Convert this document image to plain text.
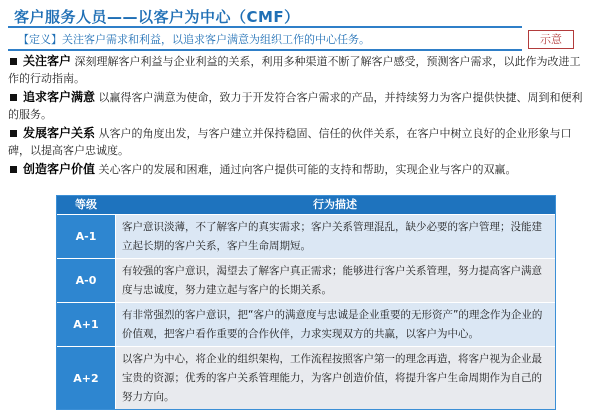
客户服务人员——以客户为中心（CMF）
【定义】关注客户需求和利益，以追求客户满意为组织工作的中心任务。	示意
关注客户 深刻理解客户利益与企业利益的关系，利用多种渠道不断了解客户感受，预测客户需求，以此作为改进工作的行动指南。
追求客户满意 以赢得客户满意为使命，致力于开发符合客户需求的产品，并持续努力为客户提供快捷、周到和便利的服务。
发展客户关系 从客户的角度出发，与客户建立并保持稳固、信任的伙伴关系，在客户中树立良好的企业形象与口碑，以提高客户忠诚度。
创造客户价值 关心客户的发展和困难，通过向客户提供可能的支持和帮助，实现企业与客户的双赢。
等级	行为描述
A-1
客户意识淡薄，不了解客户的真实需求；客户关系管理混乱，缺少必要的客户管理；没能建立起长期的客户关系，客户生命周期短。
A-0
有较强的客户意识，渴望去了解客户真正需求；能够进行客户关系管理，努力提高客户满意度与忠诚度，努力建立起与客户的长期关系。
A+1
有非常强烈的客户意识，把“客户的满意度与忠诚是企业重要的无形资产”的理念作为企业的价值观，把客户看作重要的合作伙伴，力求实现双方的共赢，以客户为中心。
A+2
以客户为中心，将企业的组织架构，工作流程按照客户第一的理念再造，将客户视为企业最宝贵的资源；优秀的客户关系管理能力，为客户创造价值，将提升客户生命周期作为自己的努力方向。
